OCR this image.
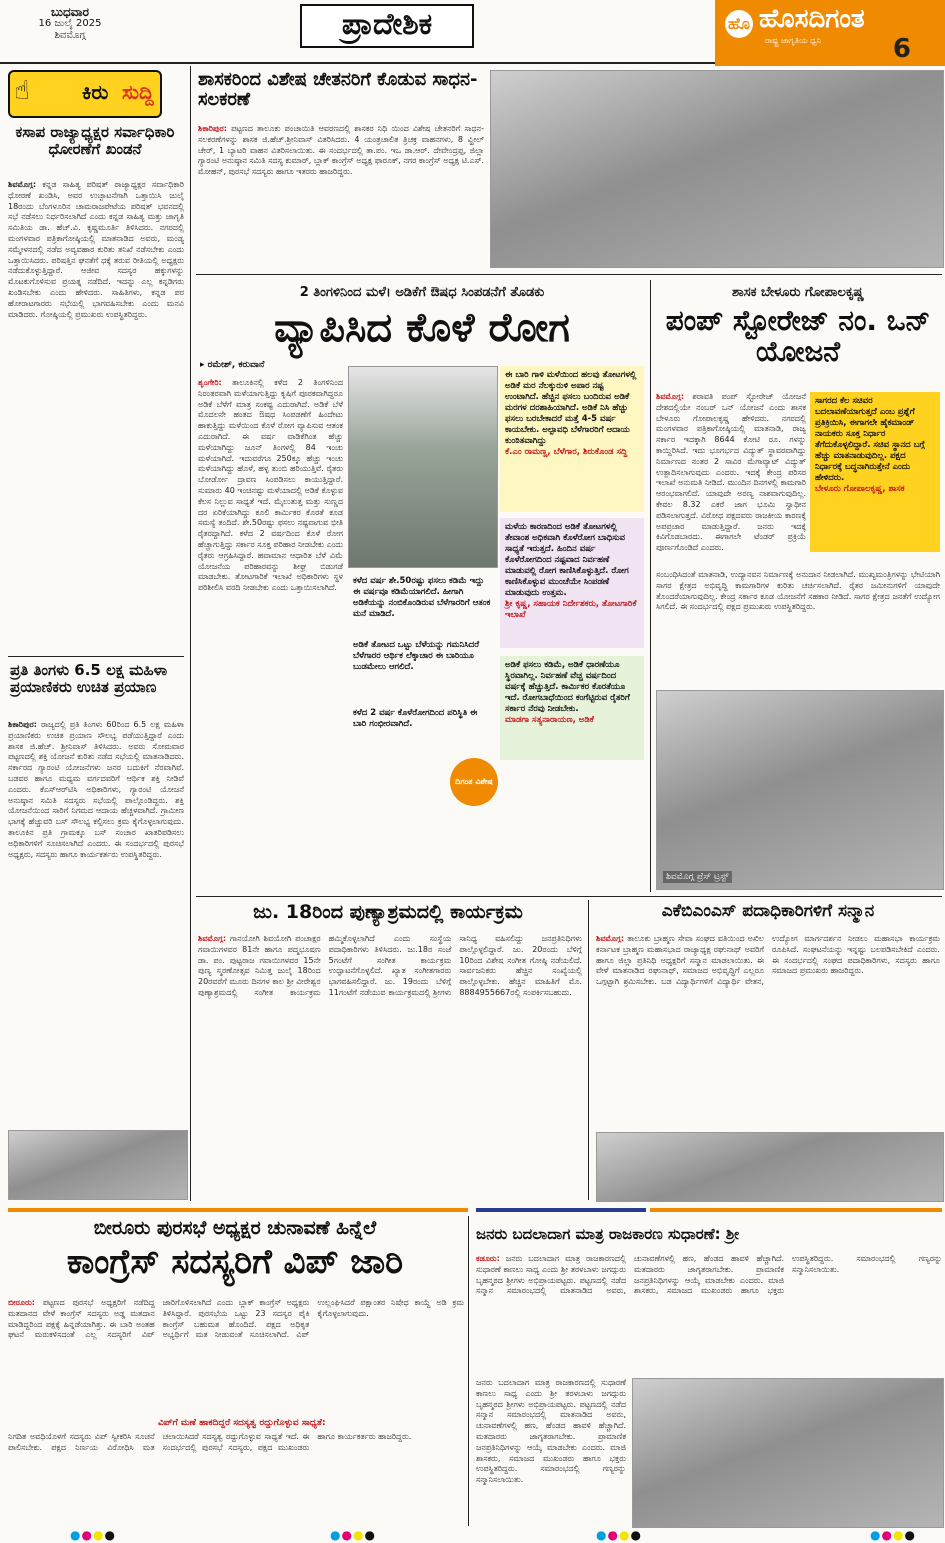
ಬುಧವಾರ
16 ಜುಲೈ 2025
ಶಿವಮೊಗ್ಗ	ಪ್ರಾದೇಶಿಕ	ಹೊ ಹೊಸದಿಗಂತ
ರಾಷ್ಟ್ರ ಜಾಗೃತಿಯ ಧ್ವನಿ	6
☝	ಕಿರು ಸುದ್ದಿ
ಕಸಾಪ ರಾಜ್ಯಾಧ್ಯಕ್ಷರ ಸರ್ವಾಧಿಕಾರಿ ಧೋರಣೆಗೆ ಖಂಡನೆ
ಶಿವಮೊಗ್ಗ: ಕನ್ನಡ ಸಾಹಿತ್ಯ ಪರಿಷತ್ ರಾಜ್ಯಾಧ್ಯಕ್ಷರ ಸರ್ವಾಧಿಕಾರಿ ಧೋರಣೆ ಖಂಡಿಸಿ, ಅವರ ಉಚ್ಛಾಟನೆಗಾಗಿ ಒತ್ತಾಯಿಸಿ ಜುಲೈ 18ರಂದು ಬೆಂಗಳೂರಿನ ಚಾಮರಾಜಪೇಟೆಯ ಪರಿಷತ್ ಭವನದಲ್ಲಿ ಸಭೆ ನಡೆಸಲು ನಿರ್ಧರಿಸಲಾಗಿದೆ ಎಂದು ಕನ್ನಡ ಸಾಹಿತ್ಯ ಮತ್ತು ಜಾಗೃತಿ ಸಮಿತಿಯ ಡಾ. ಹೆಚ್.ವಿ. ಕೃಷ್ಣಮೂರ್ತಿ ತಿಳಿಸಿದರು. ನಗರದಲ್ಲಿ ಮಂಗಳವಾರ ಪತ್ರಿಕಾಗೋಷ್ಠಿಯಲ್ಲಿ ಮಾತನಾಡಿದ ಅವರು, ಮಂಡ್ಯ ಸಮ್ಮೇಳನದಲ್ಲಿ ನಡೆದ ಅವ್ಯವಹಾರ ಕುರಿತು ತನಿಖೆ ನಡೆಸಬೇಕು ಎಂದು ಒತ್ತಾಯಿಸಿದರು. ಪರಿಷತ್ತಿನ ಘನತೆಗೆ ಧಕ್ಕೆ ತರುವ ರೀತಿಯಲ್ಲಿ ಅಧ್ಯಕ್ಷರು ನಡೆದುಕೊಳ್ಳುತ್ತಿದ್ದಾರೆ. ಆಜೀವ ಸದಸ್ಯರ ಹಕ್ಕುಗಳನ್ನು ಮೊಟಕುಗೊಳಿಸುವ ಪ್ರಯತ್ನ ನಡೆದಿದೆ. ಇದನ್ನು ಎಲ್ಲ ಕನ್ನಡಿಗರು ಖಂಡಿಸಬೇಕು ಎಂದು ಹೇಳಿದರು. ಸಾಹಿತಿಗಳು, ಕನ್ನಡ ಪರ ಹೋರಾಟಗಾರರು ಸಭೆಯಲ್ಲಿ ಭಾಗವಹಿಸಬೇಕು ಎಂದು ಮನವಿ ಮಾಡಿದರು. ಗೋಷ್ಠಿಯಲ್ಲಿ ಪ್ರಮುಖರು ಉಪಸ್ಥಿತರಿದ್ದರು.
ಪ್ರತಿ ತಿಂಗಳು 6.5 ಲಕ್ಷ ಮಹಿಳಾ ಪ್ರಯಾಣಿಕರು ಉಚಿತ ಪ್ರಯಾಣ
ಶಿಕಾರಿಪುರ: ರಾಜ್ಯದಲ್ಲಿ ಪ್ರತಿ ತಿಂಗಳು 60ರಿಂದ 6.5 ಲಕ್ಷ ಮಹಿಳಾ ಪ್ರಯಾಣಿಕರು ಉಚಿತ ಪ್ರಯಾಣ ಸೌಲಭ್ಯ ಪಡೆಯುತ್ತಿದ್ದಾರೆ ಎಂದು ಶಾಸಕ ಜಿ.ಹೆಚ್. ಶ್ರೀನಿವಾಸ್ ತಿಳಿಸಿದರು. ಅವರು ಸೋಮವಾರ ಪಟ್ಟಣದಲ್ಲಿ ಶಕ್ತಿ ಯೋಜನೆ ಕುರಿತು ನಡೆದ ಸಭೆಯಲ್ಲಿ ಮಾತನಾಡಿದರು. ಸರ್ಕಾರದ ಗ್ಯಾರಂಟಿ ಯೋಜನೆಗಳು ಜನರ ಬದುಕಿಗೆ ನೆರವಾಗಿವೆ. ಬಡವರ ಹಾಗೂ ಮಧ್ಯಮ ವರ್ಗದವರಿಗೆ ಆರ್ಥಿಕ ಶಕ್ತಿ ನೀಡಿವೆ ಎಂದರು. ಕೆಎಸ್ಆರ್‌ಟಿಸಿ ಅಧಿಕಾರಿಗಳು, ಗ್ಯಾರಂಟಿ ಯೋಜನೆ ಅನುಷ್ಠಾನ ಸಮಿತಿ ಸದಸ್ಯರು ಸಭೆಯಲ್ಲಿ ಪಾಲ್ಗೊಂಡಿದ್ದರು. ಶಕ್ತಿ ಯೋಜನೆಯಿಂದ ಸಾರಿಗೆ ನಿಗಮದ ಆದಾಯ ಹೆಚ್ಚಳವಾಗಿದೆ. ಗ್ರಾಮೀಣ ಭಾಗಕ್ಕೆ ಹೆಚ್ಚುವರಿ ಬಸ್ ಸೌಲಭ್ಯ ಕಲ್ಪಿಸಲು ಕ್ರಮ ಕೈಗೊಳ್ಳಲಾಗುವುದು. ತಾಲೂಕಿನ ಪ್ರತಿ ಗ್ರಾಮಕ್ಕೂ ಬಸ್ ಸಂಚಾರ ಖಾತರಿಪಡಿಸಲು ಅಧಿಕಾರಿಗಳಿಗೆ ಸೂಚಿಸಲಾಗಿದೆ ಎಂದರು. ಈ ಸಂದರ್ಭದಲ್ಲಿ ಪುರಸಭೆ ಅಧ್ಯಕ್ಷರು, ಸದಸ್ಯರು ಹಾಗೂ ಕಾರ್ಯಕರ್ತರು ಉಪಸ್ಥಿತರಿದ್ದರು.
ಶಾಸಕರಿಂದ ವಿಶೇಷ ಚೇತನರಿಗೆ ಕೊಡುವ ಸಾಧನ-ಸಲಕರಣೆ
ಶಿಕಾರಿಪುರ: ಪಟ್ಟಣದ ತಾಲೂಕು ಪಂಚಾಯಿತಿ ಆವರಣದಲ್ಲಿ ಶಾಸಕರ ನಿಧಿ ಯಿಂದ ವಿಶೇಷ ಚೇತನರಿಗೆ ಸಾಧನ-ಸಲಕರಣೆಗಳನ್ನು ಶಾಸಕ ಜಿ.ಹೆಚ್.ಶ್ರೀನಿವಾಸ್ ವಿತರಿಸಿದರು. 4 ಯಂತ್ರಚಾಲಿತ ತ್ರಿಚಕ್ರ ವಾಹನಗಳು, 8 ವ್ಹೀಲ್ ಚೇರ್, 1 ಬ್ಯಾಟರಿ ವಾಹನ ವಿತರಿಸಲಾಯಿತು. ಈ ಸಂದರ್ಭದಲ್ಲಿ ತಾ.ಪಂ. ಇಒ ಡಾ.ಆರ್. ದೇವೇಂದ್ರಪ್ಪ, ಜಿಲ್ಲಾ ಗ್ಯಾರಂಟಿ ಅನುಷ್ಠಾನ ಸಮಿತಿ ಸದಸ್ಯ ಕುಮಾರ್, ಬ್ಲಾಕ್ ಕಾಂಗ್ರೆಸ್ ಅಧ್ಯಕ್ಷ ಫಾರೂಕ್, ನಗರ ಕಾಂಗ್ರೆಸ್ ಅಧ್ಯಕ್ಷ ಟಿ.ಎಸ್. ಮೋಹನ್, ಪುರಸಭೆ ಸದಸ್ಯರು ಹಾಗೂ ಇತರರು ಹಾಜರಿದ್ದರು.
2 ತಿಂಗಳಿನಿಂದ ಮಳೆ। ಅಡಿಕೆಗೆ ಔಷಧ ಸಿಂಪಡನೆಗೆ ತೊಡಕು
ವ್ಯಾಪಿಸಿದ ಕೊಳೆ ರೋಗ
▸ ರಮೇಶ್, ಕರುವಾನೆ
ಶೃಂಗೇರಿ: ತಾಲೂಕಿನಲ್ಲಿ ಕಳೆದ 2 ತಿಂಗಳಿನಿಂದ ನಿರಂತರವಾಗಿ ಮಳೆಯಾಗುತ್ತಿದ್ದು ಕೃಷಿಗೆ ಪೂರಕವಾಗಿದ್ದರೂ ಅಡಿಕೆ ಬೆಳೆಗೆ ಮಾತ್ರ ಸಂಕಷ್ಟ ಎದುರಾಗಿದೆ. ಅಡಿಕೆ ಬೆಳೆ ಮೊದಲನೇ ಹಂತದ ಔಷಧ ಸಿಂಪಡಣೆಗೆ ಹಿಂದೇಟು ಹಾಕುತ್ತಿದ್ದು ಮಳೆಯಿಂದ ಕೊಳೆ ರೋಗ ವ್ಯಾಪಿಸುವ ಆತಂಕ ಎದುರಾಗಿದೆ. ಈ ವರ್ಷ ವಾಡಿಕೆಗಿಂತ ಹೆಚ್ಚು ಮಳೆಯಾಗಿದ್ದು ಜೂನ್ ತಿಂಗಳಲ್ಲಿ 84 ಇಂಚು ಮಳೆಯಾಗಿದೆ. ಇದುವರೆಗೂ 250ಕ್ಕೂ ಹೆಚ್ಚು ಇಂಚು ಮಳೆಯಾಗಿದ್ದು ಹೊಳೆ, ಹಳ್ಳ ತುಂಬಿ ಹರಿಯುತ್ತಿವೆ. ರೈತರು ಬೋರ್ಡೋ ದ್ರಾವಣ ಸಿಂಪಡಿಸಲು ಕಾಯುತ್ತಿದ್ದಾರೆ. ಸುಮಾರು 40 ಇಂಚಿನಷ್ಟು ಮಳೆಯಾದಲ್ಲಿ ಅಡಿಕೆ ಕೊಳ್ಳುವ ಕೆಲಸ ನಿಲ್ಲುವ ಸಾಧ್ಯತೆ ಇದೆ. ಮೈಲುತುತ್ತ ಮತ್ತು ಸುಣ್ಣದ ದರ ಏರಿಕೆಯಾಗಿದ್ದು ಕೂಲಿ ಕಾರ್ಮಿಕರ ಕೊರತೆ ಕೂಡ ಸಮಸ್ಯೆ ತಂದಿದೆ. ಶೇ.50ರಷ್ಟು ಫಸಲು ನಷ್ಟವಾಗುವ ಭೀತಿ ರೈತರದ್ದಾಗಿದೆ. ಕಳೆದ 2 ವರ್ಷದಿಂದ ಕೊಳೆ ರೋಗ ಹೆಚ್ಚಾಗುತ್ತಿದ್ದು ಸರ್ಕಾರ ಸೂಕ್ತ ಪರಿಹಾರ ನೀಡಬೇಕು ಎಂದು ರೈತರು ಆಗ್ರಹಿಸಿದ್ದಾರೆ. ಹವಾಮಾನ ಆಧಾರಿತ ಬೆಳೆ ವಿಮೆ ಯೋಜನೆಯ ಪರಿಹಾರವನ್ನು ಶೀಘ್ರ ಬಿಡುಗಡೆ ಮಾಡಬೇಕು. ತೋಟಗಾರಿಕೆ ಇಲಾಖೆ ಅಧಿಕಾರಿಗಳು ಸ್ಥಳ ಪರಿಶೀಲಿಸಿ ವರದಿ ನೀಡಬೇಕು ಎಂದು ಒತ್ತಾಯಿಸಲಾಗಿದೆ.
ಕಳೆದ ವರ್ಷ ಶೇ.50ರಷ್ಟು ಫಸಲು ಕಡಿಮೆ ಇದ್ದು ಈ ವರ್ಷವೂ ಕಡಿಮೆಯಾಗಲಿದೆ. ಹೀಗಾಗಿ ಅಡಿಕೆಯನ್ನು ನಂಬಿಕೊಂಡಿರುವ ಬೆಳೆಗಾರರಿಗೆ ಆತಂಕ ಮನೆ ಮಾಡಿದೆ.
ಅಡಿಕೆ ತೋಟದ ಒಟ್ಟು ಬೆಳೆಯನ್ನು ಗಮನಿಸಿದರೆ ಬೆಳೆಗಾರರ ಆರ್ಥಿಕ ಲೆಕ್ಕಾಚಾರ ಈ ಬಾರಿಯೂ ಬುಡಮೇಲು ಆಗಲಿದೆ.
ಕಳೆದ 2 ವರ್ಷ ಕೊಳೆರೋಗದಿಂದ ಪರಿಸ್ಥಿತಿ ಈ ಬಾರಿ ಗಂಭೀರವಾಗಿದೆ.
ದಿಗಂತ ವಿಶೇಷ
ಈ ಬಾರಿ ಗಾಳಿ ಮಳೆಯಿಂದ ಹಲವು ತೋಟಗಳಲ್ಲಿ ಅಡಿಕೆ ಮರ ನೆಲಕ್ಕುರುಳಿ ಅಪಾರ ನಷ್ಟ ಉಂಟಾಗಿದೆ. ಹೆಚ್ಚಿನ ಫಸಲು ಬಂದಿರುವ ಅಡಿಕೆ ಮರಗಳ ದರಶಾಹಿಯಾಗಿದೆ. ಅಡಿಕೆ ನಿಸಿ ಹೆಚ್ಚು ಫಸಲು ಬರಬೇಕಾದರೆ ಮತ್ತೆ 4-5 ವರ್ಷ ಕಾಯಬೇಕು. ಅಲ್ಪಾವಧಿ ಬೆಳೆಗಾರರಿಗೆ ಆದಾಯ ಕುಂಠಿತವಾಗಿದ್ದು
ಕೆ.ಎಂ ರಾಮಣ್ಣ, ಬೆಳೆಗಾರ, ಶಿರುಕೊಂಡ ಸದ್ದಿ
ಮಳೆಯ ಕಾರಣದಿಂದ ಅಡಿಕೆ ತೋಟಗಳಲ್ಲಿ ತೇವಾಂಶ ಅಧಿಕವಾಗಿ ಕೊಳೆರೋಗ ಬಾಧಿಸುವ ಸಾಧ್ಯತೆ ಇರುತ್ತದೆ. ಹಿಂದಿನ ವರ್ಷ ಕೊಳೆರೋಗದಿಂದ ನಷ್ಟವಾದ ನಿರ್ವಹಣೆ ಮಾಡುವಲ್ಲಿ ರೋಗ ಕಾಣಿಸಿಕೊಳ್ಳುತ್ತಿದೆ. ರೋಗ ಕಾಣಿಸಿಕೊಳ್ಳುವ ಮುಂಚೆಯೇ ಸಿಂಪಡಣೆ ಮಾಡುವುದು ಉತ್ತಮ.
ಶ್ರೀ ಕೃಷ್ಣ, ಸಹಾಯಕ ನಿರ್ದೇಶಕರು, ತೋಟಗಾರಿಕೆ ಇಲಾಖೆ
ಅಡಿಕೆ ಫಸಲು ಕಡಿಮೆ, ಅಡಿಕೆ ಧಾರಣೆಯೂ ಸ್ಥಿರವಾಗಿಲ್ಲ. ನಿರ್ವಹಣೆ ವೆಚ್ಚ ವರ್ಷದಿಂದ ವರ್ಷಕ್ಕೆ ಹೆಚ್ಚುತ್ತಿದೆ. ಕಾರ್ಮಿಕರ ಕೊರತೆಯೂ ಇದೆ. ರೋಗಬಾಧೆಯಿಂದ ಕಂಗೆಟ್ಟಿರುವ ರೈತರಿಗೆ ಸರ್ಕಾರ ನೆರವು ನೀಡಬೇಕು.
ಮಾಡಗಾ ಸತ್ಯನಾರಾಯಣ, ಅಡಿಕೆ
ಶಾಸಕ ಬೇಳೂರು ಗೋಪಾಲಕೃಷ್ಣ
ಪಂಪ್ ಸ್ಟೋರೇಜ್ ನಂ. ಒನ್ ಯೋಜನೆ
ಶಿವಮೊಗ್ಗ: ಶರಾವತಿ ಪಂಪ್ ಸ್ಟೋರೇಜ್ ಯೋಜನೆ ದೇಶದಲ್ಲಿಯೇ ನಂಬರ್ ಒನ್ ಯೋಜನೆ ಎಂದು ಶಾಸಕ ಬೇಳೂರು ಗೋಪಾಲಕೃಷ್ಣ ಹೇಳಿದರು. ನಗರದಲ್ಲಿ ಮಂಗಳವಾರ ಪತ್ರಿಕಾಗೋಷ್ಠಿಯಲ್ಲಿ ಮಾತನಾಡಿ, ರಾಜ್ಯ ಸರ್ಕಾರ ಇದಕ್ಕಾಗಿ 8644 ಕೋಟಿ ರೂ. ಗಳನ್ನು ಕಾಯ್ದಿರಿಸಿದೆ. ಇದು ಭೂಗರ್ಭದ ವಿದ್ಯುತ್ ಸ್ಥಾವರವಾಗಿದ್ದು ನಿರ್ಮಾಣದ ನಂತರ 2 ಸಾವಿರ ಮೆಗಾವ್ಯಾಟ್ ವಿದ್ಯುತ್ ಉತ್ಪಾದಿಸಲಾಗುವುದು ಎಂದರು. ಇದಕ್ಕೆ ಕೇಂದ್ರ ಪರಿಸರ ಇಲಾಖೆ ಅನುಮತಿ ನೀಡಿದೆ. ಮುಂದಿನ ದಿನಗಳಲ್ಲಿ ಕಾಮಗಾರಿ ಆರಂಭವಾಗಲಿದೆ. ಯಾವುದೇ ಅರಣ್ಯ ನಾಶವಾಗುವುದಿಲ್ಲ. ಕೇವಲ 8.32 ಎಕರೆ ಜಾಗ ಭೂಮಿ ಸ್ವಾಧೀನ ಪಡಿಸಲಾಗುತ್ತದೆ. ವಿರೋಧ ಪಕ್ಷದವರು ರಾಜಕೀಯ ಕಾರಣಕ್ಕೆ ಅಪಪ್ರಚಾರ ಮಾಡುತ್ತಿದ್ದಾರೆ. ಜನರು ಇದಕ್ಕೆ ಕಿವಿಗೊಡಬಾರದು. ಈಗಾಗಲೇ ಟೆಂಡರ್ ಪ್ರಕ್ರಿಯೆ ಪೂರ್ಣಗೊಂಡಿದೆ ಎಂದರು.
ಸಾಗರದ ಕೆಲ ಸಚಿವರ ಬದಲಾವಣೆಯಾಗುತ್ತದೆ ಎಂಬ ಪ್ರಶ್ನೆಗೆ ಪ್ರತಿಕ್ರಿಯಿಸಿ, ಈಗಾಗಲೇ ಹೈಕಮಾಂಡ್ ನಾಯಕರು ಸೂಕ್ತ ನಿರ್ಧಾರ ತೆಗೆದುಕೊಳ್ಳಲಿದ್ದಾರೆ. ಸಚಿವ ಸ್ಥಾನದ ಬಗ್ಗೆ ಹೆಚ್ಚು ಮಾತನಾಡುವುದಿಲ್ಲ. ಪಕ್ಷದ ನಿರ್ಧಾರಕ್ಕೆ ಬದ್ಧನಾಗಿರುತ್ತೇನೆ ಎಂದು ಹೇಳಿದರು.
ಬೇಳೂರು ಗೋಪಾಲಕೃಷ್ಣ, ಶಾಸಕ
ಸಂಬಂಧಿಸಿದಂತೆ ಮಾತನಾಡಿ, ಉದ್ಯಾನವನ ನಿರ್ಮಾಣಕ್ಕೆ ಅನುದಾನ ನೀಡಲಾಗಿದೆ. ಮುಖ್ಯಮಂತ್ರಿಗಳನ್ನು ಭೇಟಿಯಾಗಿ ಸಾಗರ ಕ್ಷೇತ್ರದ ಅಭಿವೃದ್ಧಿ ಕಾಮಗಾರಿಗಳ ಕುರಿತು ಚರ್ಚಿಸಲಾಗಿದೆ. ರೈತರ ಜಮೀನುಗಳಿಗೆ ಯಾವುದೇ ತೊಂದರೆಯಾಗುವುದಿಲ್ಲ. ಕೇಂದ್ರ ಸರ್ಕಾರ ಕೂಡ ಯೋಜನೆಗೆ ಸಹಕಾರ ನೀಡಿದೆ. ಸಾಗರ ಕ್ಷೇತ್ರದ ಜನತೆಗೆ ಉದ್ಯೋಗ ಸಿಗಲಿದೆ. ಈ ಸಂದರ್ಭದಲ್ಲಿ ಪಕ್ಷದ ಪ್ರಮುಖರು ಉಪಸ್ಥಿತರಿದ್ದರು.
ಶಿವಮೊಗ್ಗ ಪ್ರೆಸ್ ಟ್ರಸ್ಟ್
ಜು. 18ರಿಂದ ಪುಣ್ಯಾಶ್ರಮದಲ್ಲಿ ಕಾರ್ಯಕ್ರಮ
ಶಿವಮೊಗ್ಗ: ಗಾನಯೋಗಿ ಶಿವಯೋಗಿ ಪಂಚಾಕ್ಷರ ಗವಾಯಿಗಳವರ 81ನೇ ಹಾಗೂ ಪದ್ಮಭೂಷಣ ಡಾ. ಪಂ. ಪುಟ್ಟರಾಜ ಗವಾಯಿಗಳವರ 15ನೇ ಪುಣ್ಯ ಸ್ಮರಣೋತ್ಸವ ನಿಮಿತ್ತ ಜುಲೈ 18ರಿಂದ 20ರವರೆಗೆ ಮೂರು ದಿನಗಳ ಕಾಲ ಶ್ರೀ ವೀರೇಶ್ವರ ಪುಣ್ಯಾಶ್ರಮದಲ್ಲಿ ಸಂಗೀತ ಕಾರ್ಯಕ್ರಮ ಹಮ್ಮಿಕೊಳ್ಳಲಾಗಿದೆ ಎಂದು ಸಂಸ್ಥೆಯ ಪದಾಧಿಕಾರಿಗಳು ತಿಳಿಸಿದರು. ಜು.18ರ ಸಂಜೆ 5ಗಂಟೆಗೆ ಸಂಗೀತ ಕಾರ್ಯಕ್ರಮ ಉದ್ಘಾಟನೆಗೊಳ್ಳಲಿದೆ. ಖ್ಯಾತ ಸಂಗೀತಗಾರರು ಭಾಗವಹಿಸಲಿದ್ದಾರೆ. ಜು. 19ರಂದು ಬೆಳಿಗ್ಗೆ 11ಗಂಟೆಗೆ ನಡೆಯುವ ಕಾರ್ಯಕ್ರಮದಲ್ಲಿ ಶ್ರೀಗಳು ಸಾನಿಧ್ಯ ವಹಿಸಲಿದ್ದು ಜನಪ್ರತಿನಿಧಿಗಳು ಪಾಲ್ಗೊಳ್ಳಲಿದ್ದಾರೆ. ಜು. 20ರಂದು ಬೆಳಿಗ್ಗೆ 10ರಿಂದ ವಿಶೇಷ ಸಂಗೀತ ಗೋಷ್ಠಿ ನಡೆಯಲಿದೆ. ಸಾರ್ವಜನಿಕರು ಹೆಚ್ಚಿನ ಸಂಖ್ಯೆಯಲ್ಲಿ ಪಾಲ್ಗೊಳ್ಳಬೇಕು. ಹೆಚ್ಚಿನ ಮಾಹಿತಿಗೆ ಮೊ. 8884955667ರಲ್ಲಿ ಸಂಪರ್ಕಿಸಬಹುದು.
ಎಕೆಬಿಎಂಎಸ್ ಪದಾಧಿಕಾರಿಗಳಿಗೆ ಸನ್ಮಾನ
ಶಿವಮೊಗ್ಗ: ತಾಲೂಕು ಬ್ರಾಹ್ಮಣ ಸೇವಾ ಸಂಘದ ವತಿಯಿಂದ ಅಖಿಲ ಕರ್ನಾಟಕ ಬ್ರಾಹ್ಮಣ ಮಹಾಸಭಾದ ರಾಜ್ಯಾಧ್ಯಕ್ಷ ರಘುನಾಥ್ ಅವರಿಗೆ ಹಾಗೂ ಜಿಲ್ಲಾ ಪ್ರತಿನಿಧಿ ಅಧ್ಯಕ್ಷರಿಗೆ ಸನ್ಮಾನ ಮಾಡಲಾಯಿತು. ಈ ವೇಳೆ ಮಾತನಾಡಿದ ರಘುನಾಥ್, ಸಮಾಜದ ಅಭಿವೃದ್ಧಿಗೆ ಎಲ್ಲರೂ ಒಗ್ಗಟ್ಟಾಗಿ ಶ್ರಮಿಸಬೇಕು. ಬಡ ವಿದ್ಯಾರ್ಥಿಗಳಿಗೆ ವಿದ್ಯಾರ್ಥಿ ವೇತನ, ಉದ್ಯೋಗ ಮಾರ್ಗದರ್ಶನ ನೀಡಲು ಮಹಾಸಭಾ ಕಾರ್ಯಕ್ರಮ ರೂಪಿಸಿದೆ. ಸಂಘಟನೆಯನ್ನು ಇನ್ನಷ್ಟು ಬಲಪಡಿಸಬೇಕಿದೆ ಎಂದರು. ಈ ಸಂದರ್ಭದಲ್ಲಿ ಸಂಘದ ಪದಾಧಿಕಾರಿಗಳು, ಸದಸ್ಯರು ಹಾಗೂ ಸಮಾಜದ ಪ್ರಮುಖರು ಹಾಜರಿದ್ದರು.
ಬೀರೂರು ಪುರಸಭೆ ಅಧ್ಯಕ್ಷರ ಚುನಾವಣೆ ಹಿನ್ನೆಲೆ
ಕಾಂಗ್ರೆಸ್ ಸದಸ್ಯರಿಗೆ ವಿಪ್ ಜಾರಿ
ಬೀರೂರು: ಪಟ್ಟಣದ ಪುರಸಭೆ ಅಧ್ಯಕ್ಷರಿಗೆ ನಡೆದಿದ್ದ ಮತದಾನದ ವೇಳೆ ಕಾಂಗ್ರೆಸ್ ಸದಸ್ಯರು ಅಡ್ಡ ಮತದಾನ ಮಾಡಿದ್ದರಿಂದ ಪಕ್ಷಕ್ಕೆ ಹಿನ್ನಡೆಯಾಗಿತ್ತು. ಈ ಬಾರಿ ಅಂತಹ ಘಟನೆ ಮರುಕಳಿಸದಂತೆ ಎಲ್ಲ ಸದಸ್ಯರಿಗೆ ವಿಪ್ ಜಾರಿಗೊಳಿಸಲಾಗಿದೆ ಎಂದು ಬ್ಲಾಕ್ ಕಾಂಗ್ರೆಸ್ ಅಧ್ಯಕ್ಷರು ತಿಳಿಸಿದ್ದಾರೆ. ಪುರಸಭೆಯ ಒಟ್ಟು 23 ಸದಸ್ಯರ ಪೈಕಿ ಕಾಂಗ್ರೆಸ್ ಬಹುಮತ ಹೊಂದಿದೆ. ಪಕ್ಷದ ಅಧಿಕೃತ ಅಭ್ಯರ್ಥಿಗೆ ಮತ ನೀಡುವಂತೆ ಸೂಚಿಸಲಾಗಿದೆ. ವಿಪ್ ಉಲ್ಲಂಘಿಸಿದರೆ ಪಕ್ಷಾಂತರ ನಿಷೇಧ ಕಾಯ್ದೆ ಅಡಿ ಕ್ರಮ ಕೈಗೊಳ್ಳಲಾಗುವುದು.
ವಿಪ್‌ಗೆ ಮಣೆ ಹಾಕದಿದ್ದರೆ ಸದಸ್ಯತ್ವ ರದ್ದುಗೊಳ್ಳುವ ಸಾಧ್ಯತೆ:
ನಿಗದಿತ ಅವಧಿಯೊಳಗೆ ಸದಸ್ಯರು ವಿಪ್ ಸ್ವೀಕರಿಸಿ ಸೂಚನೆ ಪಾಲಿಸಬೇಕು. ಪಕ್ಷದ ನಿರ್ಣಯ ವಿರೋಧಿಸಿ ಮತ ಚಲಾಯಿಸಿದರೆ ಸದಸ್ಯತ್ವ ರದ್ದುಗೊಳ್ಳುವ ಸಾಧ್ಯತೆ ಇದೆ. ಈ ಸಂದರ್ಭದಲ್ಲಿ ಪುರಸಭೆ ಸದಸ್ಯರು, ಪಕ್ಷದ ಮುಖಂಡರು ಹಾಗೂ ಕಾರ್ಯಕರ್ತರು ಹಾಜರಿದ್ದರು.
ಜನರು ಬದಲಾದಾಗ ಮಾತ್ರ ರಾಜಕಾರಣ ಸುಧಾರಣೆ: ಶ್ರೀ
ಕಡೂರು: ಜನರು ಬದಲಾದಾಗ ಮಾತ್ರ ರಾಜಕಾರಣದಲ್ಲಿ ಸುಧಾರಣೆ ಕಾಣಲು ಸಾಧ್ಯ ಎಂದು ಶ್ರೀ ತರಳಬಾಳು ಜಗದ್ಗುರು ಬೃಹನ್ಮಠದ ಶ್ರೀಗಳು ಅಭಿಪ್ರಾಯಪಟ್ಟರು. ಪಟ್ಟಣದಲ್ಲಿ ನಡೆದ ಸನ್ಮಾನ ಸಮಾರಂಭದಲ್ಲಿ ಮಾತನಾಡಿದ ಅವರು, ಚುನಾವಣೆಗಳಲ್ಲಿ ಹಣ, ಹೆಂಡದ ಹಾವಳಿ ಹೆಚ್ಚಾಗಿದೆ. ಮತದಾರರು ಜಾಗೃತರಾಗಬೇಕು. ಪ್ರಾಮಾಣಿಕ ಜನಪ್ರತಿನಿಧಿಗಳನ್ನು ಆಯ್ಕೆ ಮಾಡಬೇಕು ಎಂದರು. ಮಾಜಿ ಶಾಸಕರು, ಸಮಾಜದ ಮುಖಂಡರು ಹಾಗೂ ಭಕ್ತರು ಉಪಸ್ಥಿತರಿದ್ದರು. ಸಮಾರಂಭದಲ್ಲಿ ಗಣ್ಯರನ್ನು ಸನ್ಮಾನಿಸಲಾಯಿತು.
ಜನರು ಬದಲಾದಾಗ ಮಾತ್ರ ರಾಜಕಾರಣದಲ್ಲಿ ಸುಧಾರಣೆ ಕಾಣಲು ಸಾಧ್ಯ ಎಂದು ಶ್ರೀ ತರಳಬಾಳು ಜಗದ್ಗುರು ಬೃಹನ್ಮಠದ ಶ್ರೀಗಳು ಅಭಿಪ್ರಾಯಪಟ್ಟರು. ಪಟ್ಟಣದಲ್ಲಿ ನಡೆದ ಸನ್ಮಾನ ಸಮಾರಂಭದಲ್ಲಿ ಮಾತನಾಡಿದ ಅವರು, ಚುನಾವಣೆಗಳಲ್ಲಿ ಹಣ, ಹೆಂಡದ ಹಾವಳಿ ಹೆಚ್ಚಾಗಿದೆ. ಮತದಾರರು ಜಾಗೃತರಾಗಬೇಕು. ಪ್ರಾಮಾಣಿಕ ಜನಪ್ರತಿನಿಧಿಗಳನ್ನು ಆಯ್ಕೆ ಮಾಡಬೇಕು ಎಂದರು. ಮಾಜಿ ಶಾಸಕರು, ಸಮಾಜದ ಮುಖಂಡರು ಹಾಗೂ ಭಕ್ತರು ಉಪಸ್ಥಿತರಿದ್ದರು. ಸಮಾರಂಭದಲ್ಲಿ ಗಣ್ಯರನ್ನು ಸನ್ಮಾನಿಸಲಾಯಿತು.
●●●●	●●●●	●●●●	●●●●
